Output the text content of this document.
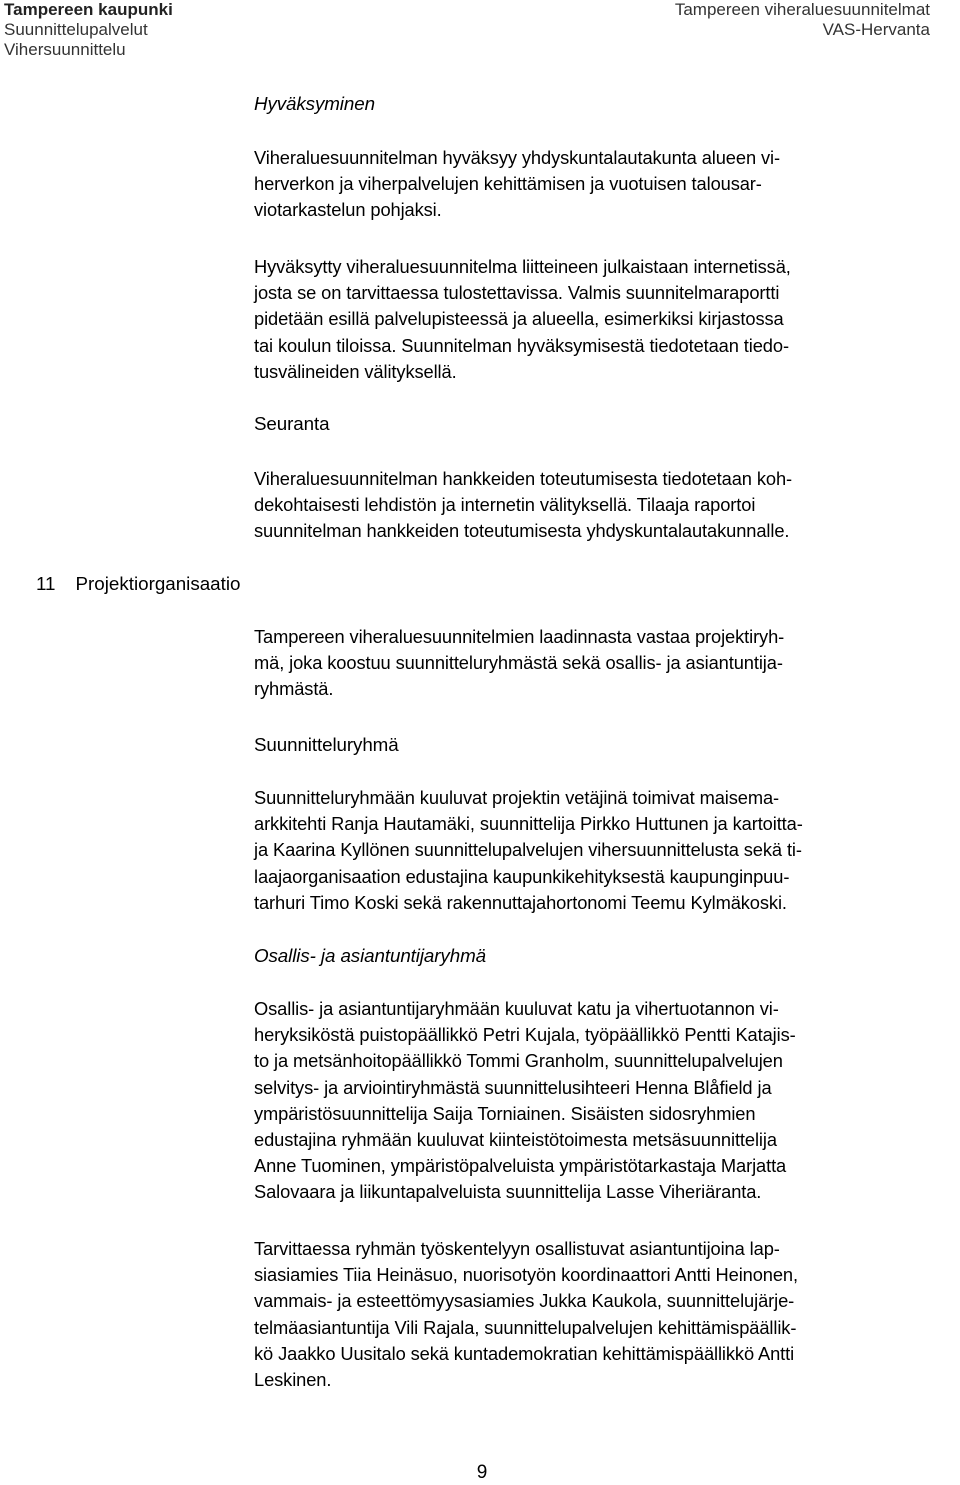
Tampereen kaupunki
Suunnittelupalvelut
Vihersuunnittelu
Tampereen viheraluesuunnitelmat
VAS-Hervanta

Hyväksyminen

Viheraluesuunnitelman hyväksyy yhdyskuntalautakunta alueen vi-

herverkon ja viherpalvelujen kehittämisen ja vuotuisen talousar-

viotarkastelun pohjaksi.

Hyväksytty viheraluesuunnitelma liitteineen julkaistaan internetissä,

josta se on tarvittaessa tulostettavissa. Valmis suunnitelmaraportti

pidetään esillä palvelupisteessä ja alueella, esimerkiksi kirjastossa

tai koulun tiloissa. Suunnitelman hyväksymisestä tiedotetaan tiedo-

tusvälineiden välityksellä.

Seuranta

Viheraluesuunnitelman hankkeiden toteutumisesta tiedotetaan koh-

dekohtaisesti lehdistön ja internetin välityksellä. Tilaaja raportoi

suunnitelman hankkeiden toteutumisesta yhdyskuntalautakunnalle.

11 Projektiorganisaatio

Tampereen viheraluesuunnitelmien laadinnasta vastaa projektiryh-

mä, joka koostuu suunnitteluryhmästä sekä osallis- ja asiantuntija-

ryhmästä.

Suunnitteluryhmä

Suunnitteluryhmään kuuluvat projektin vetäjinä toimivat maisema-

arkkitehti Ranja Hautamäki, suunnittelija Pirkko Huttunen ja kartoitta-

ja Kaarina Kyllönen suunnittelupalvelujen vihersuunnittelusta sekä ti-

laajaorganisaation edustajina kaupunkikehityksestä kaupunginpuu-

tarhuri Timo Koski sekä rakennuttajahortonomi Teemu Kylmäkoski.

Osallis- ja asiantuntijaryhmä

Osallis- ja asiantuntijaryhmään kuuluvat katu ja vihertuotannon vi-

heryksiköstä puistopäällikkö Petri Kujala, työpäällikkö Pentti Katajis-

to ja metsänhoitopäällikkö Tommi Granholm, suunnittelupalvelujen

selvitys- ja arviointiryhmästä suunnittelusihteeri Henna Blåfield ja

ympäristösuunnittelija Saija Torniainen. Sisäisten sidosryhmien

edustajina ryhmään kuuluvat kiinteistötoimesta metsäsuunnittelija

Anne Tuominen, ympäristöpalveluista ympäristötarkastaja Marjatta

Salovaara ja liikuntapalveluista suunnittelija Lasse Viheriäranta.

Tarvittaessa ryhmän työskentelyyn osallistuvat asiantuntijoina lap-

siasiamies Tiia Heinäsuo, nuorisotyön koordinaattori Antti Heinonen,

vammais- ja esteettömyysasiamies Jukka Kaukola, suunnittelujärje-

telmäasiantuntija Vili Rajala, suunnittelupalvelujen kehittämispäällik-

kö Jaakko Uusitalo sekä kuntademokratian kehittämispäällikkö Antti

Leskinen.

9
